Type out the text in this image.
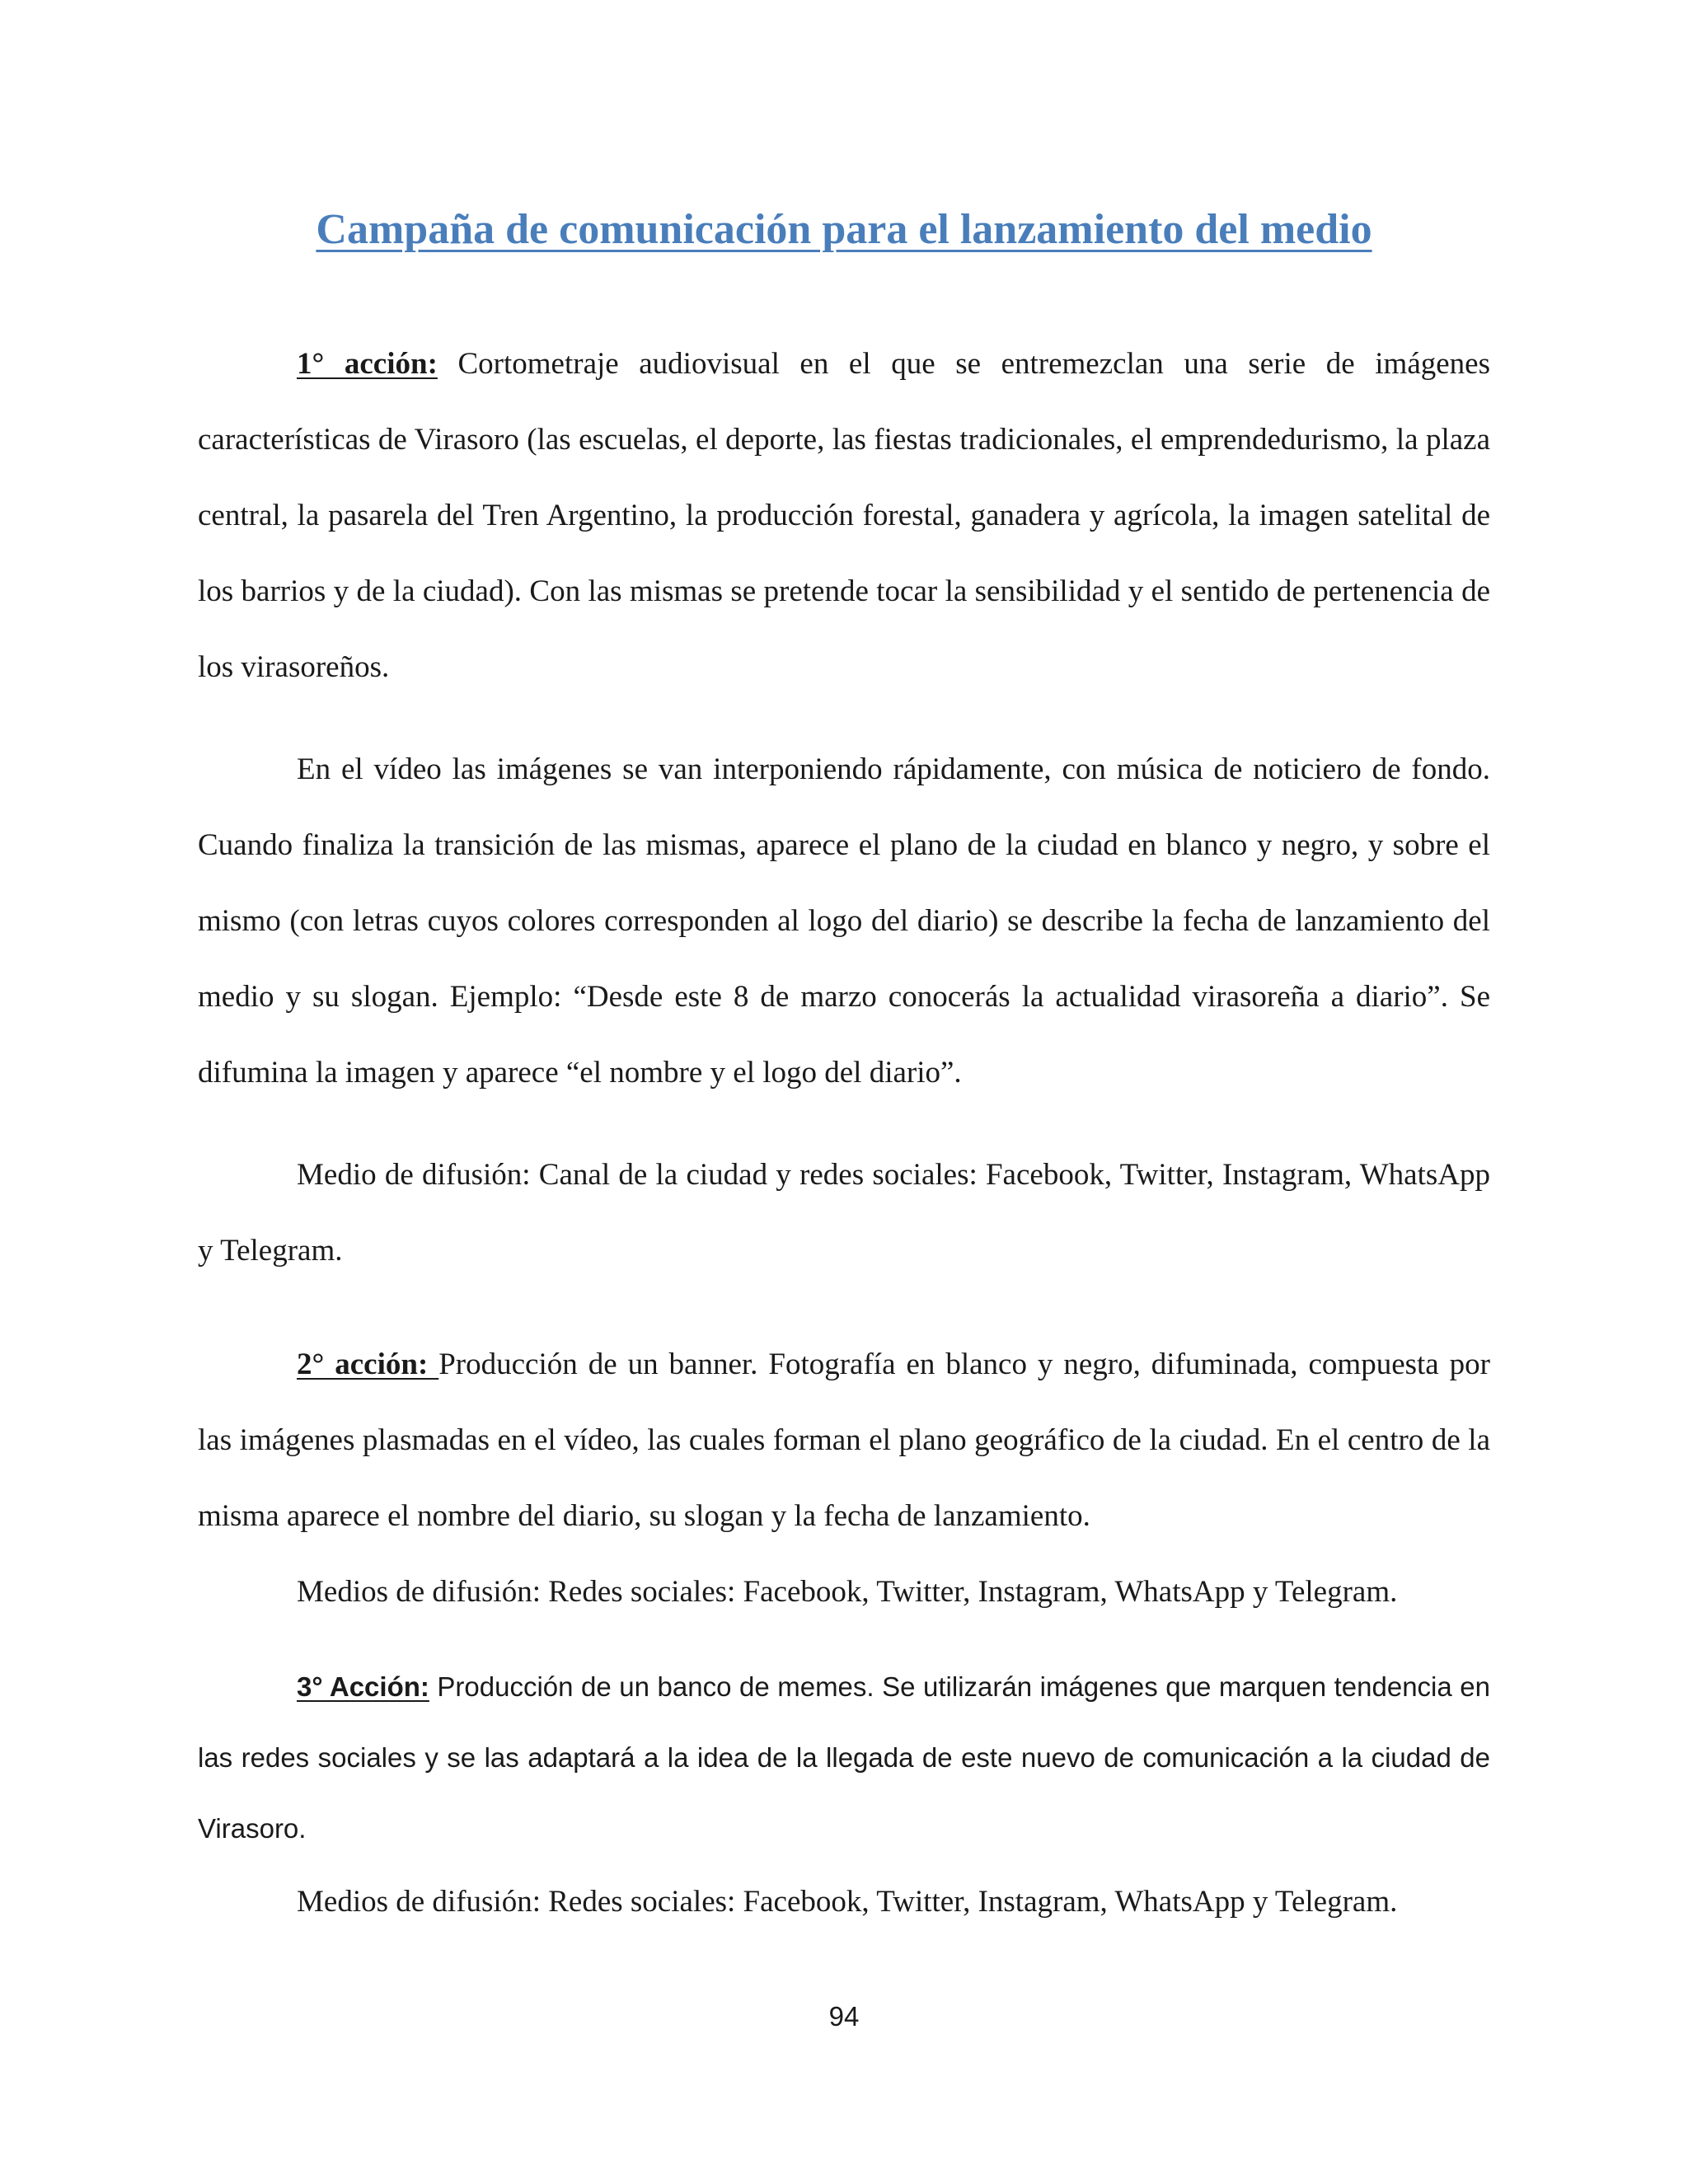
Campaña de comunicación para el lanzamiento del medio

1° acción: Cortometraje audiovisual en el que se entremezclan una serie de imágenes características de Virasoro (las escuelas, el deporte, las fiestas tradicionales, el emprendedurismo, la plaza central, la pasarela del Tren Argentino, la producción forestal, ganadera y agrícola, la imagen satelital de los barrios y de la ciudad). Con las mismas se pretende tocar la sensibilidad y el sentido de pertenencia de los virasoreños.

En el vídeo las imágenes se van interponiendo rápidamente, con música de noticiero de fondo. Cuando finaliza la transición de las mismas, aparece el plano de la ciudad en blanco y negro, y sobre el mismo (con letras cuyos colores corresponden al logo del diario) se describe la fecha de lanzamiento del medio y su slogan. Ejemplo: “Desde este 8 de marzo conocerás la actualidad virasoreña a diario”. Se difumina la imagen y aparece “el nombre y el logo del diario”.

Medio de difusión: Canal de la ciudad y redes sociales: Facebook, Twitter, Instagram, WhatsApp y Telegram.

2° acción: Producción de un banner. Fotografía en blanco y negro, difuminada, compuesta por las imágenes plasmadas en el vídeo, las cuales forman el plano geográfico de la ciudad. En el centro de la misma aparece el nombre del diario, su slogan y la fecha de lanzamiento.

Medios de difusión: Redes sociales: Facebook, Twitter, Instagram, WhatsApp y Telegram.

3° Acción: Producción de un banco de memes. Se utilizarán imágenes que marquen tendencia en las redes sociales y se las adaptará a la idea de la llegada de este nuevo de comunicación a la ciudad de Virasoro.

Medios de difusión: Redes sociales: Facebook, Twitter, Instagram, WhatsApp y Telegram.

94
